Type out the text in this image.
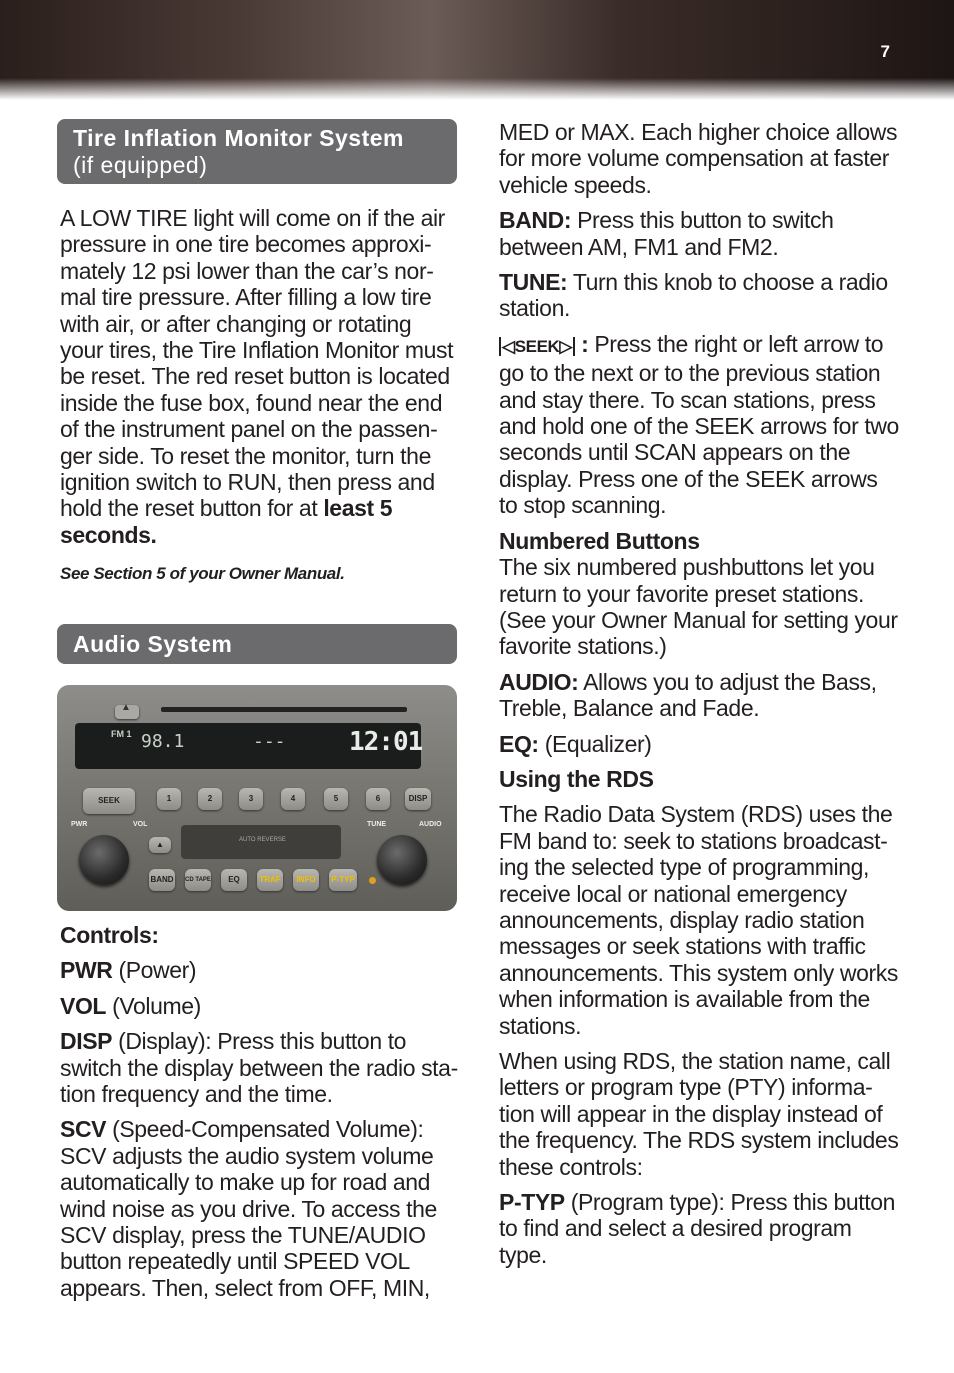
7
Tire Inflation Monitor System
(if equipped)
A LOW TIRE light will come on if the air pressure in one tire becomes approxi- mately 12 psi lower than the car’s nor- mal tire pressure. After filling a low tire with air, or after changing or rotating your tires, the Tire Inflation Monitor must be reset. The red reset button is located inside the fuse box, found near the end of the instrument panel on the passen- ger side. To reset the monitor, turn the ignition switch to RUN, then press and hold the reset button for at least 5 seconds.
See Section 5 of your Owner Manual.
Audio System
▲
FM 1 98.1	--- 12:01
SEEK	1	2	3	4	5	6	DISP
PWR	VOL	TUNE	AUDIO
AUTO REVERSE
▲
BAND CD TAPE	EQ	TRAF	INFO	P-TYP
Controls:
PWR (Power)
VOL (Volume)
DISP (Display): Press this button to switch the display between the radio sta- tion frequency and the time.
SCV (Speed-Compensated Volume): SCV adjusts the audio system volume automatically to make up for road and wind noise as you drive. To access the SCV display, press the TUNE/AUDIO button repeatedly until SPEED VOL appears. Then, select from OFF, MIN,
MED or MAX. Each higher choice allows for more volume compensation at faster vehicle speeds.
BAND: Press this button to switch between AM, FM1 and FM2.
TUNE: Turn this knob to choose a radio station.
◁SEEK▷ : Press the right or left arrow to go to the next or to the previous station and stay there. To scan stations, press and hold one of the SEEK arrows for two seconds until SCAN appears on the display. Press one of the SEEK arrows to stop scanning.
Numbered Buttons
The six numbered pushbuttons let you return to your favorite preset stations. (See your Owner Manual for setting your favorite stations.)
AUDIO: Allows you to adjust the Bass, Treble, Balance and Fade.
EQ: (Equalizer)
Using the RDS
The Radio Data System (RDS) uses the FM band to: seek to stations broadcast- ing the selected type of programming, receive local or national emergency announcements, display radio station messages or seek stations with traffic announcements. This system only works when information is available from the stations.
When using RDS, the station name, call letters or program type (PTY) informa- tion will appear in the display instead of the frequency. The RDS system includes these controls:
P-TYP (Program type): Press this button to find and select a desired program type.
